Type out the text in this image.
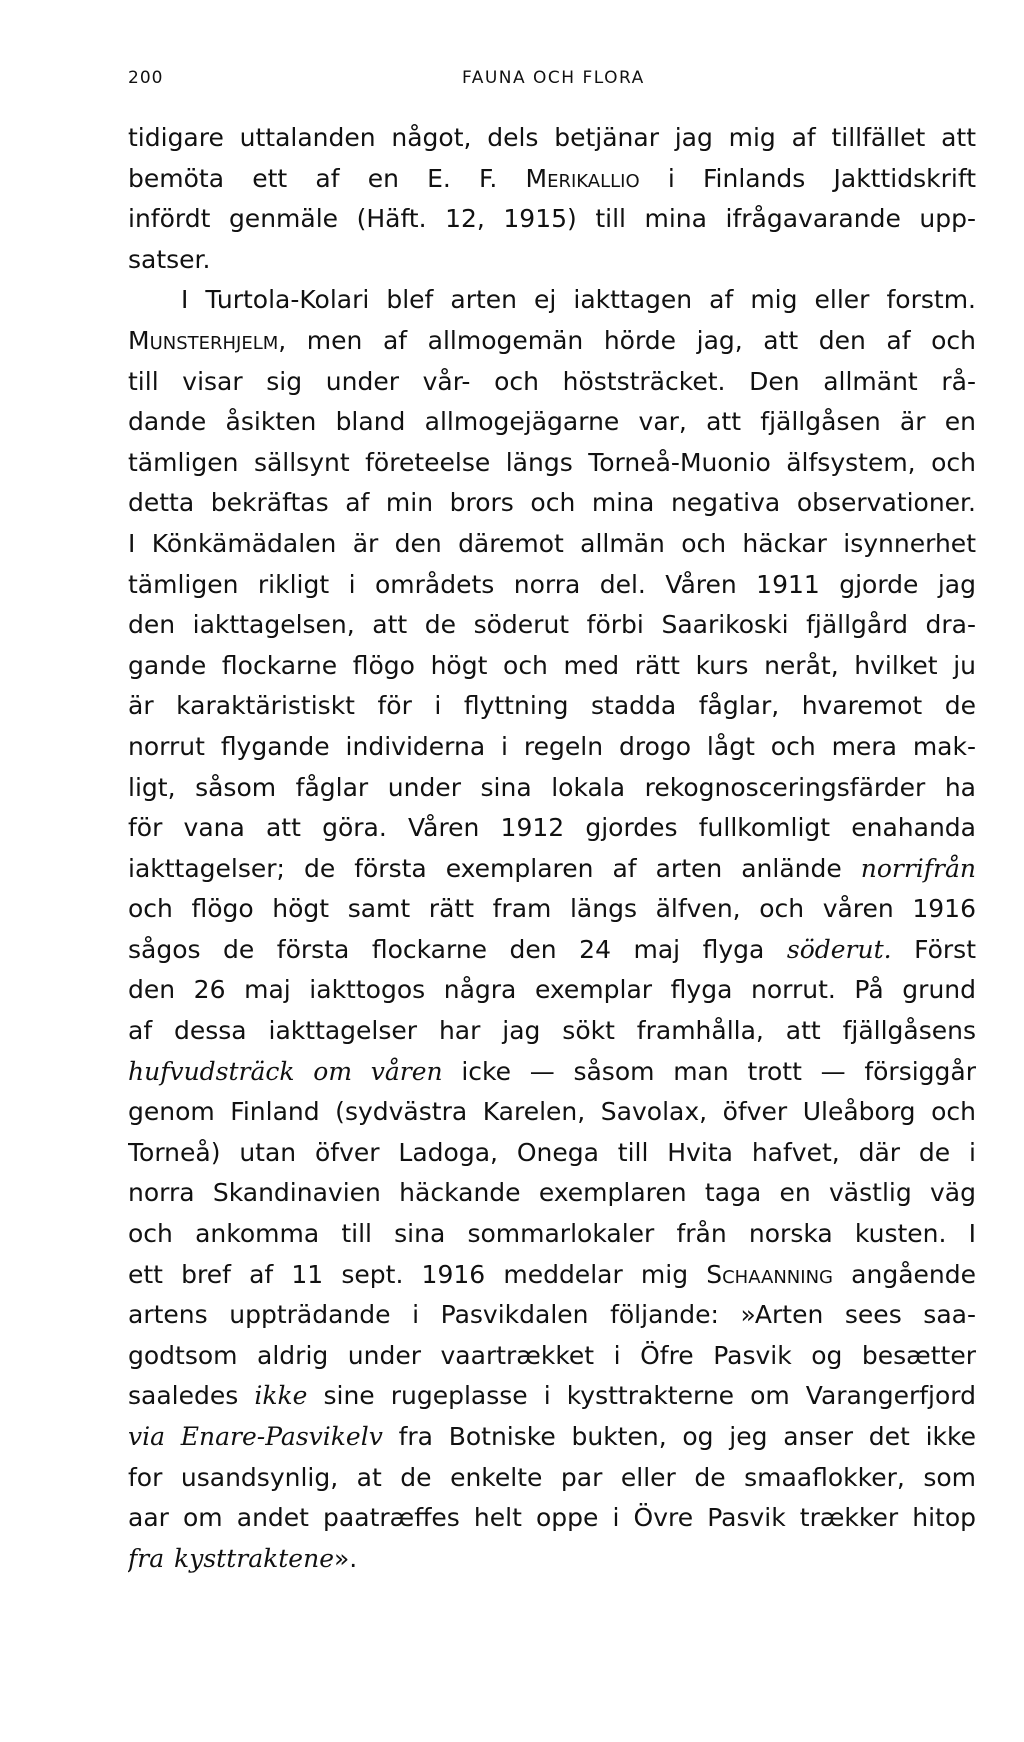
200	FAUNA OCH FLORA
tidigare uttalanden något, dels betjänar jag mig af tillfället att
bemöta ett af en E. F. Merikallio i Finlands Jakttidskrift
infördt genmäle (Häft. 12, 1915) till mina ifrågavarande upp-
satser.
I Turtola-Kolari blef arten ej iakttagen af mig eller forstm.
Munsterhjelm, men af allmogemän hörde jag, att den af och
till visar sig under vår- och höststräcket. Den allmänt rå-
dande åsikten bland allmogejägarne var, att fjällgåsen är en
tämligen sällsynt företeelse längs Torneå-Muonio älfsystem, och
detta bekräftas af min brors och mina negativa observationer.
I Könkämädalen är den däremot allmän och häckar isynnerhet
tämligen rikligt i områdets norra del. Våren 1911 gjorde jag
den iakttagelsen, att de söderut förbi Saarikoski fjällgård dra-
gande flockarne flögo högt och med rätt kurs neråt, hvilket ju
är karaktäristiskt för i flyttning stadda fåglar, hvaremot de
norrut flygande individerna i regeln drogo lågt och mera mak-
ligt, såsom fåglar under sina lokala rekognosceringsfärder ha
för vana att göra. Våren 1912 gjordes fullkomligt enahanda
iakttagelser; de första exemplaren af arten anlände norrifrån
och flögo högt samt rätt fram längs älfven, och våren 1916
sågos de första flockarne den 24 maj flyga söderut. Först
den 26 maj iakttogos några exemplar flyga norrut. På grund
af dessa iakttagelser har jag sökt framhålla, att fjällgåsens
hufvudsträck om våren icke — såsom man trott — försiggår
genom Finland (sydvästra Karelen, Savolax, öfver Uleåborg och
Torneå) utan öfver Ladoga, Onega till Hvita hafvet, där de i
norra Skandinavien häckande exemplaren taga en västlig väg
och ankomma till sina sommarlokaler från norska kusten. I
ett bref af 11 sept. 1916 meddelar mig Schaanning angående
artens uppträdande i Pasvikdalen följande: »Arten sees saa-
godtsom aldrig under vaartrækket i Öfre Pasvik og besætter
saaledes ikke sine rugeplasse i kysttrakterne om Varangerfjord
via Enare-Pasvikelv fra Botniske bukten, og jeg anser det ikke
for usandsynlig, at de enkelte par eller de smaaflokker, som
aar om andet paatræffes helt oppe i Övre Pasvik trækker hitop
fra kysttraktene».
